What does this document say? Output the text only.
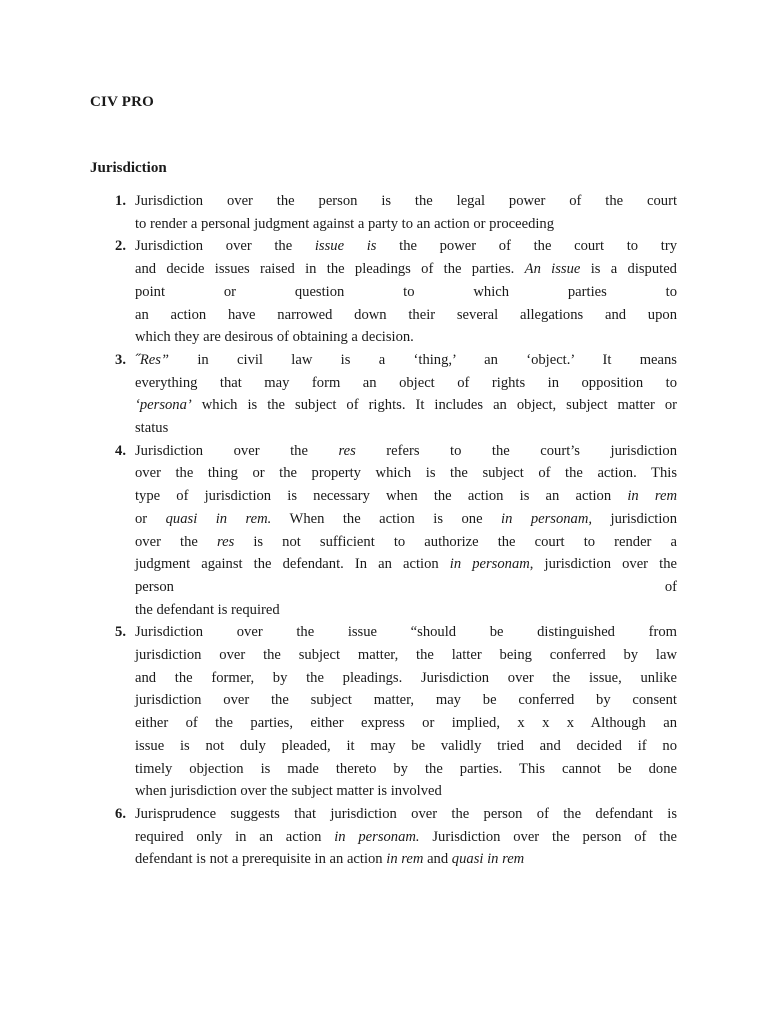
CIV PRO
Jurisdiction
1. Jurisdiction over the person is the legal power of the court
to render a personal judgment against a party to an action or proceeding
2. Jurisdiction over the issue is the power of the court to try
and decide issues raised in the pleadings of the parties. An issue is a disputed
point or question to which parties to
an action have narrowed down their several allegations and upon
which they are desirous of obtaining a decision.
3. ˝Res” in civil law is a ‘thing,’ an ‘object.’ It means
everything that may form an object of rights in opposition to
‘persona’ which is the subject of rights. It includes an object, subject matter or
status
4. Jurisdiction over the res refers to the court’s jurisdiction
over the thing or the property which is the subject of the action. This
type of jurisdiction is necessary when the action is an action in rem
or quasi in rem. When the action is one in personam, jurisdiction
over the res is not sufficient to authorize the court to render a
judgment against the defendant. In an action in personam, jurisdiction over the
person of
the defendant is required
5. Jurisdiction over the issue “should be distinguished from
jurisdiction over the subject matter, the latter being conferred by law
and the former, by the pleadings. Jurisdiction over the issue, unlike
jurisdiction over the subject matter, may be conferred by consent
either of the parties, either express or implied, x x x Although an
issue is not duly pleaded, it may be validly tried and decided if no
timely objection is made thereto by the parties. This cannot be done
when jurisdiction over the subject matter is involved
6. Jurisprudence suggests that jurisdiction over the person of the defendant is
required only in an action in personam. Jurisdiction over the person of the
defendant is not a prerequisite in an action in rem and quasi in rem
